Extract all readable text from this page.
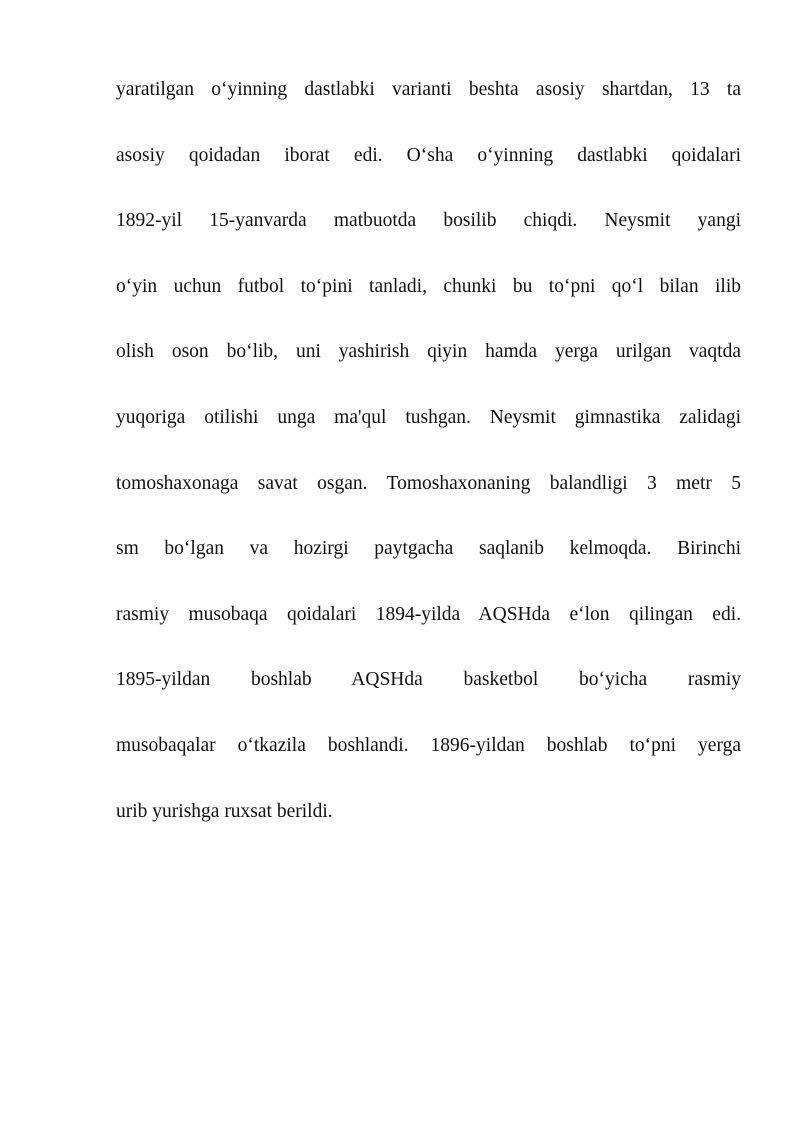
yaratilgan o‘yinning dastlabki varianti beshta asosiy shartdan, 13 ta
asosiy qoidadan iborat edi. O‘sha o‘yinning dastlabki qoidalari
1892-yil 15-yanvarda matbuotda bosilib chiqdi. Neysmit yangi
o‘yin uchun futbol to‘pini tanladi, chunki bu to‘pni qo‘l bilan ilib
olish oson bo‘lib, uni yashirish qiyin hamda yerga urilgan vaqtda
yuqoriga otilishi unga ma'qul tushgan. Neysmit gimnastika zalidagi
tomoshaxonaga savat osgan. Tomoshaxonaning balandligi 3 metr 5
sm bo‘lgan va hozirgi paytgacha saqlanib kelmoqda. Birinchi
rasmiy musobaqa qoidalari 1894-yilda AQSHda e‘lon qilingan edi.
1895-yildan boshlab AQSHda basketbol bo‘yicha rasmiy
musobaqalar o‘tkazila boshlandi. 1896-yildan boshlab to‘pni yerga
urib yurishga ruxsat berildi.
